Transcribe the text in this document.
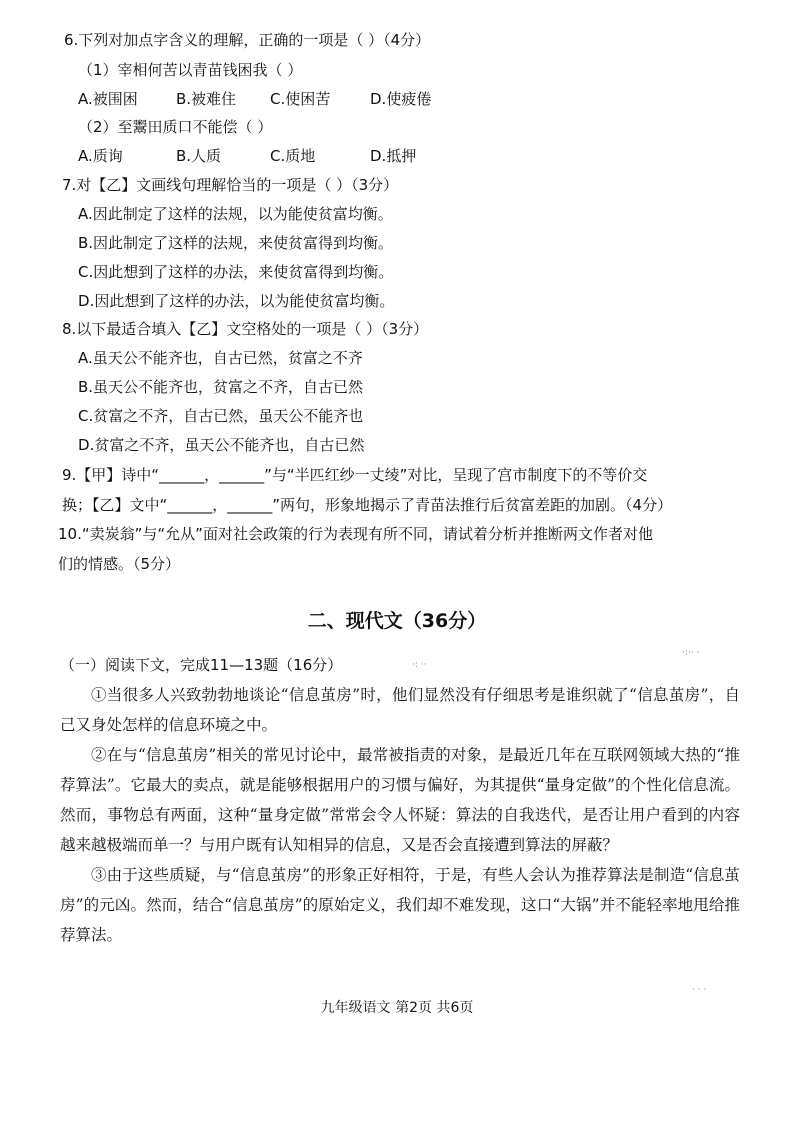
6.下列对加点字含义的理解，正确的一项是（ ）（4分）
（1）宰相何苦以青苗钱困我（ ）
A.被围困	B.被难住 C.使困苦	D.使疲倦
（2）至鬻田质口不能偿（ ）
A.质询	B.人质	C.质地	D.抵押
7.对【乙】文画线句理解恰当的一项是（ ）（3分）
A.因此制定了这样的法规，以为能使贫富均衡。
B.因此制定了这样的法规，来使贫富得到均衡。
C.因此想到了这样的办法，来使贫富得到均衡。
D.因此想到了这样的办法，以为能使贫富均衡。
8.以下最适合填入【乙】文空格处的一项是（ ）（3分）
A.虽天公不能齐也，自古已然，贫富之不齐
B.虽天公不能齐也，贫富之不齐，自古已然
C.贫富之不齐，自古已然，虽天公不能齐也
D.贫富之不齐，虽天公不能齐也，自古已然
9.【甲】诗中“______，______”与“半匹红纱一丈绫”对比，呈现了宫市制度下的不等价交
换；【乙】文中“______，______”两句，形象地揭示了青苗法推行后贫富差距的加剧。（4分）
10.“卖炭翁”与“允从”面对社会政策的行为表现有所不同，请试着分析并推断两文作者对他
们的情感。（5分）
二、现代文（36分）
（一）阅读下文，完成11—13题（16分）	·: ··
·:·· ·
· · ·

①当很多人兴致勃勃地谈论“信息茧房”时，他们显然没有仔细思考是谁织就了“信息茧房”，自己又身处怎样的信息环境之中。

②在与“信息茧房”相关的常见讨论中，最常被指责的对象，是最近几年在互联网领域大热的“推荐算法”。它最大的卖点，就是能够根据用户的习惯与偏好，为其提供“量身定做”的个性化信息流。然而，事物总有两面，这种“量身定做”常常会令人怀疑：算法的自我迭代，是否让用户看到的内容越来越极端而单一？与用户既有认知相异的信息，又是否会直接遭到算法的屏蔽？

③由于这些质疑，与“信息茧房”的形象正好相符，于是，有些人会认为推荐算法是制造“信息茧房”的元凶。然而，结合“信息茧房”的原始定义，我们却不难发现，这口“大锅”并不能轻率地甩给推荐算法。

九年级语文 第2页 共6页
